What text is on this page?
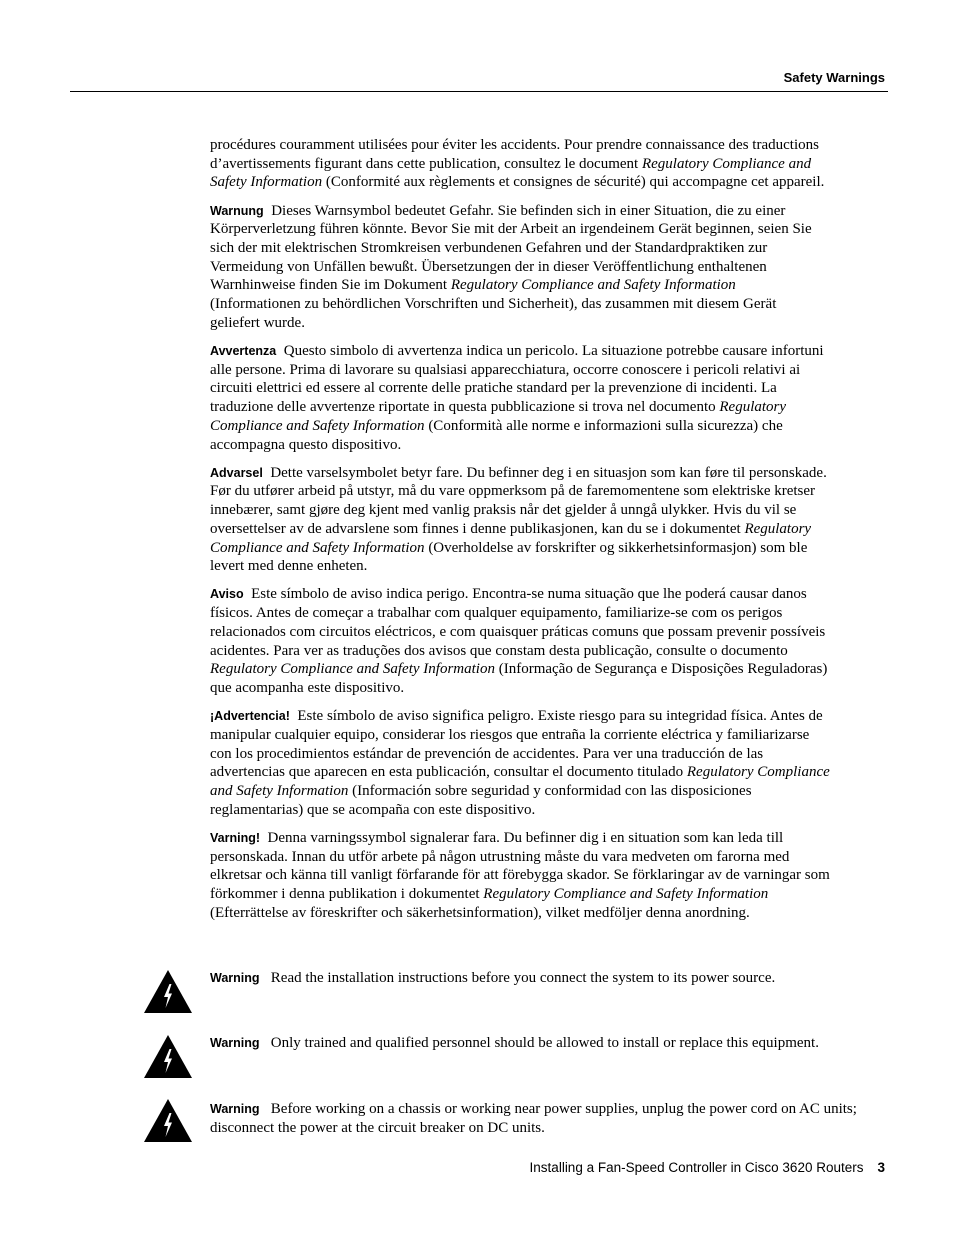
Safety Warnings

procédures couramment utilisées pour éviter les accidents. Pour prendre connaissance des traductions d’avertissements figurant dans cette publication, consultez le document Regulatory Compliance and Safety Information (Conformité aux règlements et consignes de sécurité) qui accompagne cet appareil.

Warnung Dieses Warnsymbol bedeutet Gefahr. Sie befinden sich in einer Situation, die zu einer Körperverletzung führen könnte. Bevor Sie mit der Arbeit an irgendeinem Gerät beginnen, seien Sie sich der mit elektrischen Stromkreisen verbundenen Gefahren und der Standardpraktiken zur Vermeidung von Unfällen bewußt. Übersetzungen der in dieser Veröffentlichung enthaltenen Warnhinweise finden Sie im Dokument Regulatory Compliance and Safety Information (Informationen zu behördlichen Vorschriften und Sicherheit), das zusammen mit diesem Gerät geliefert wurde.

Avvertenza Questo simbolo di avvertenza indica un pericolo. La situazione potrebbe causare infortuni alle persone. Prima di lavorare su qualsiasi apparecchiatura, occorre conoscere i pericoli relativi ai circuiti elettrici ed essere al corrente delle pratiche standard per la prevenzione di incidenti. La traduzione delle avvertenze riportate in questa pubblicazione si trova nel documento Regulatory Compliance and Safety Information (Conformità alle norme e informazioni sulla sicurezza) che accompagna questo dispositivo.

Advarsel Dette varselsymbolet betyr fare. Du befinner deg i en situasjon som kan føre til personskade. Før du utfører arbeid på utstyr, må du vare oppmerksom på de faremomentene som elektriske kretser innebærer, samt gjøre deg kjent med vanlig praksis når det gjelder å unngå ulykker. Hvis du vil se oversettelser av de advarslene som finnes i denne publikasjonen, kan du se i dokumentet Regulatory Compliance and Safety Information (Overholdelse av forskrifter og sikkerhetsinformasjon) som ble levert med denne enheten.

Aviso Este símbolo de aviso indica perigo. Encontra-se numa situação que lhe poderá causar danos físicos. Antes de começar a trabalhar com qualquer equipamento, familiarize-se com os perigos relacionados com circuitos eléctricos, e com quaisquer práticas comuns que possam prevenir possíveis acidentes. Para ver as traduções dos avisos que constam desta publicação, consulte o documento Regulatory Compliance and Safety Information (Informação de Segurança e Disposições Reguladoras) que acompanha este dispositivo.

¡Advertencia! Este símbolo de aviso significa peligro. Existe riesgo para su integridad física. Antes de manipular cualquier equipo, considerar los riesgos que entraña la corriente eléctrica y familiarizarse con los procedimientos estándar de prevención de accidentes. Para ver una traducción de las advertencias que aparecen en esta publicación, consultar el documento titulado Regulatory Compliance and Safety Information (Información sobre seguridad y conformidad con las disposiciones reglamentarias) que se acompaña con este dispositivo.

Varning! Denna varningssymbol signalerar fara. Du befinner dig i en situation som kan leda till personskada. Innan du utför arbete på någon utrustning måste du vara medveten om farorna med elkretsar och känna till vanligt förfarande för att förebygga skador. Se förklaringar av de varningar som förkommer i denna publikation i dokumentet Regulatory Compliance and Safety Information (Efterrättelse av föreskrifter och säkerhetsinformation), vilket medföljer denna anordning.

Warning Read the installation instructions before you connect the system to its power source.
Warning Only trained and qualified personnel should be allowed to install or replace this equipment.
Warning Before working on a chassis or working near power supplies, unplug the power cord on AC units; disconnect the power at the circuit breaker on DC units.
Installing a Fan-Speed Controller in Cisco 3620 Routers 3
